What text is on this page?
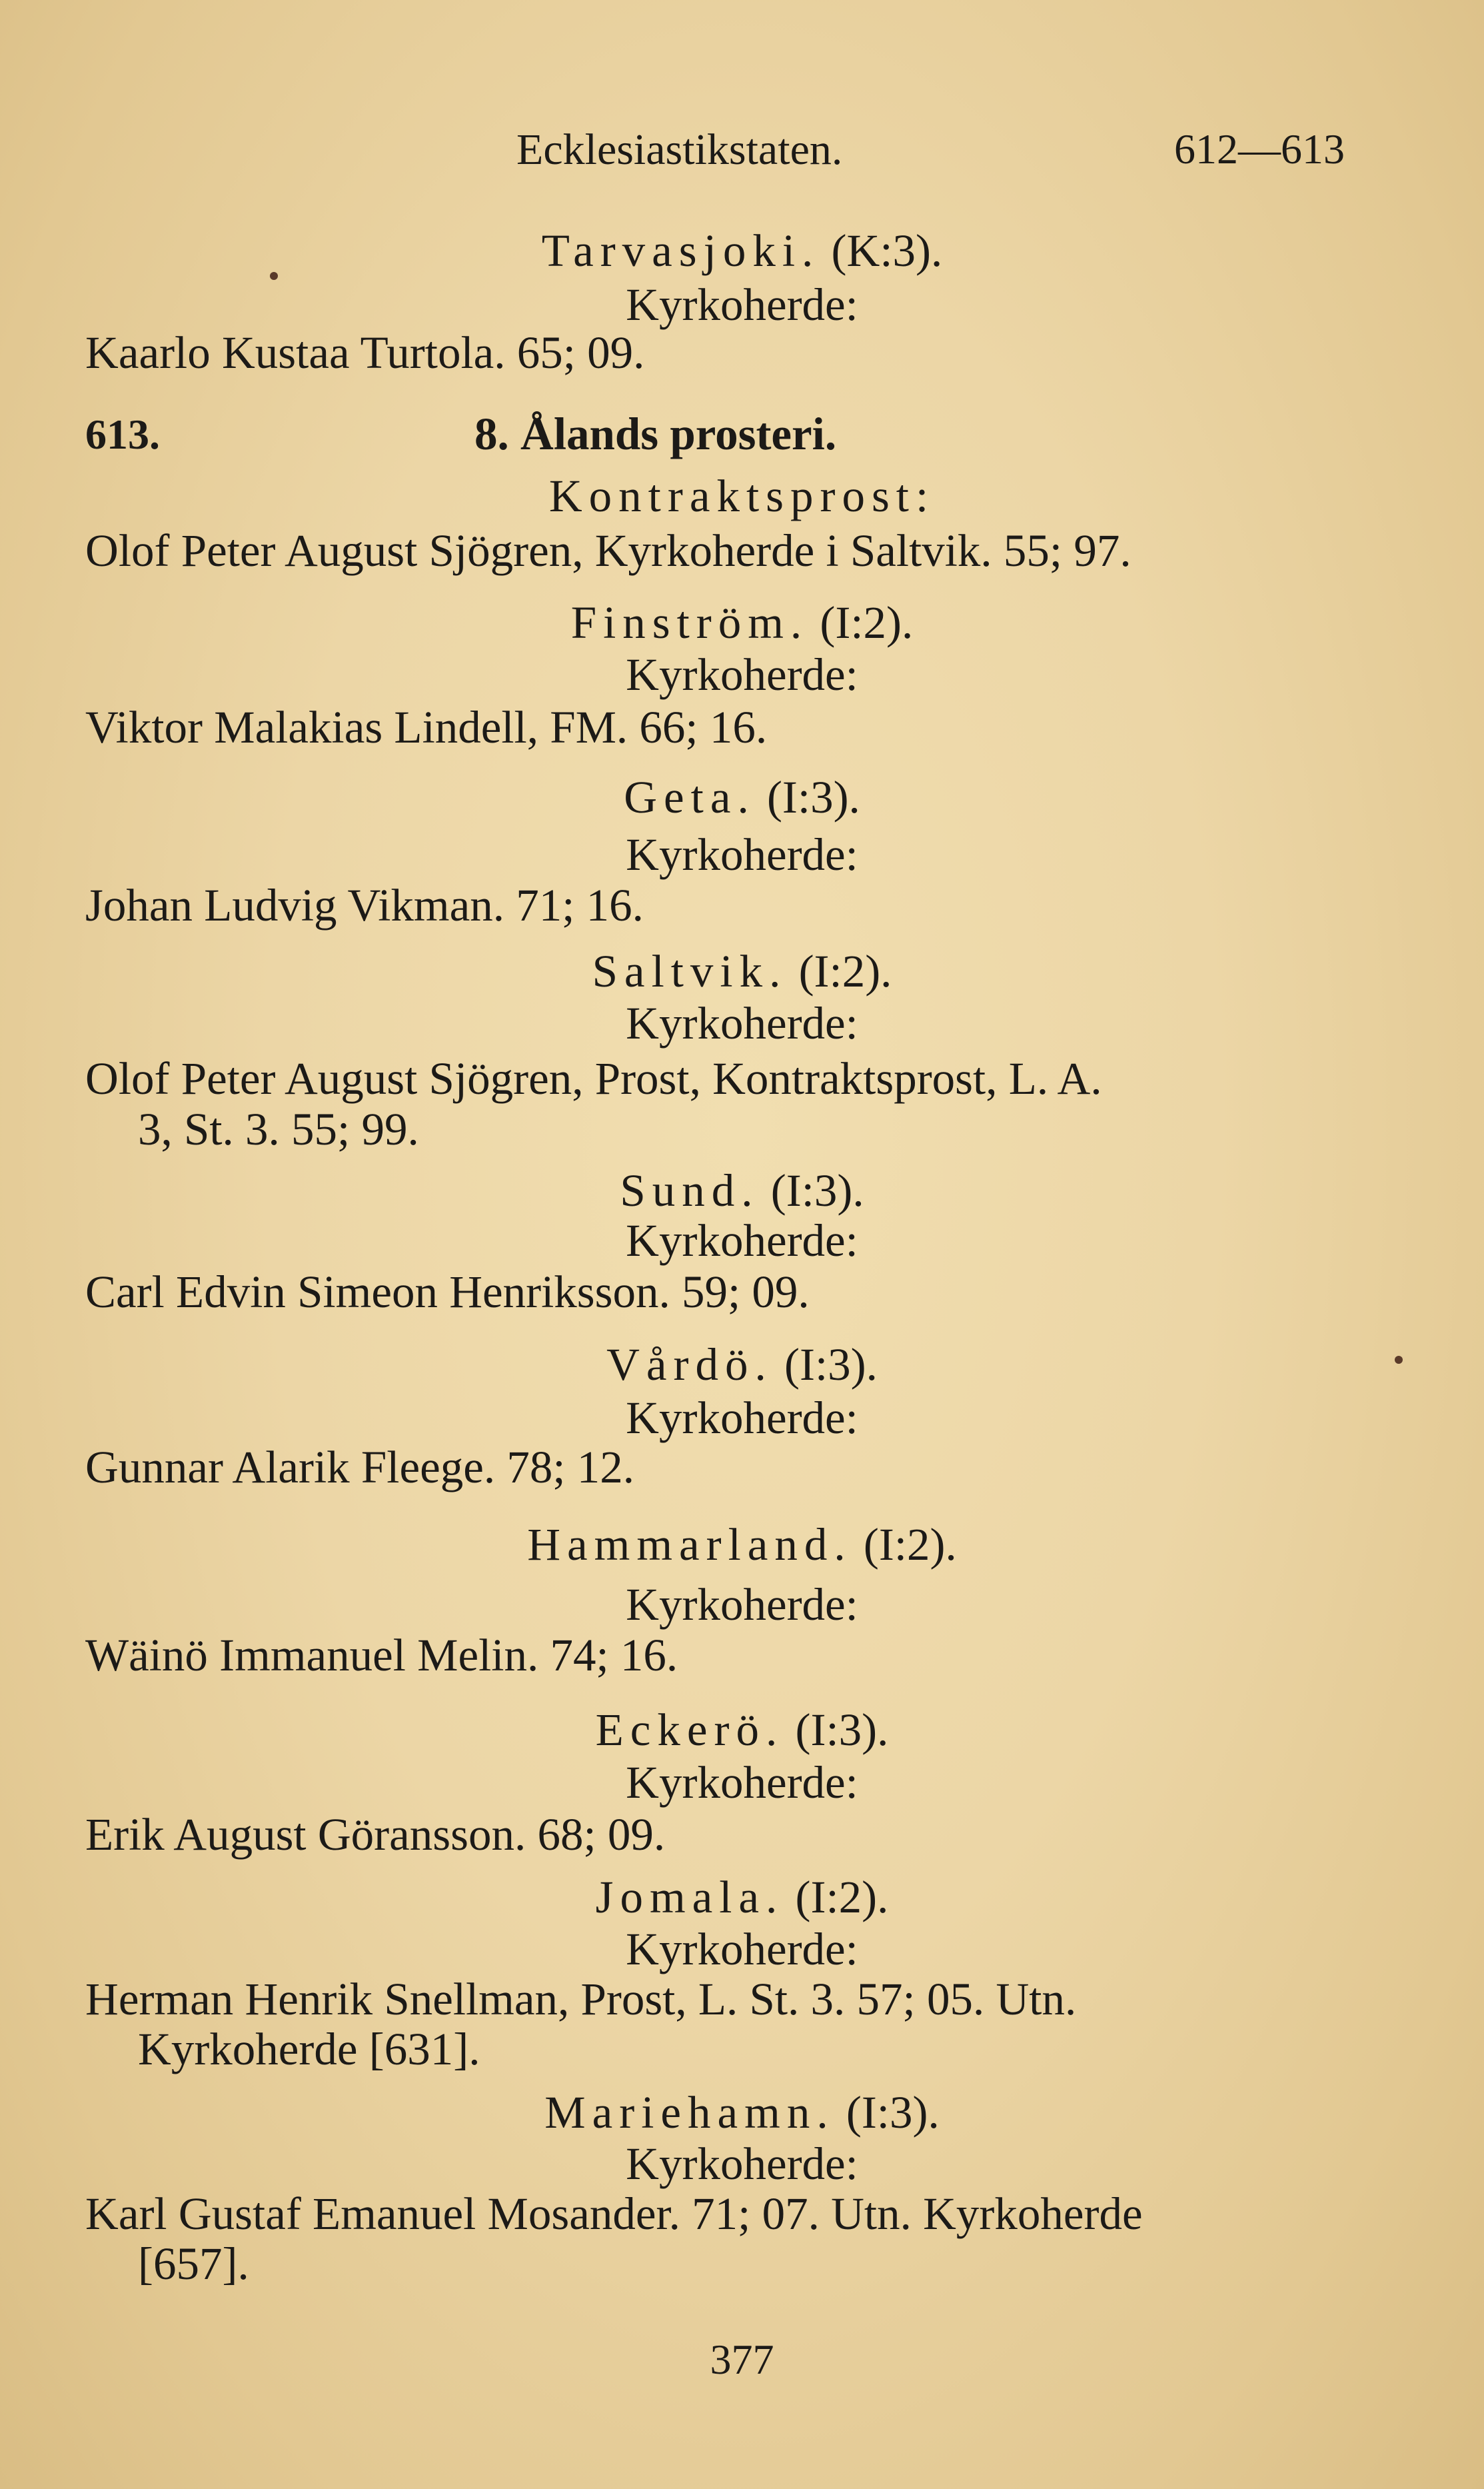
Ecklesiastikstaten.	612—613
Tarvasjoki. (K:3).
Kyrkoherde:
Kaarlo Kustaa Turtola. 65; 09.
613.	8. Ålands prosteri.
Kontraktsprost:
Olof Peter August Sjögren, Kyrkoherde i Saltvik. 55; 97.
Finström. (I:2).
Kyrkoherde:
Viktor Malakias Lindell, FM. 66; 16.
Geta. (I:3).
Kyrkoherde:
Johan Ludvig Vikman. 71; 16.
Saltvik. (I:2).
Kyrkoherde:
Olof Peter August Sjögren, Prost, Kontraktsprost, L. A.
3, St. 3. 55; 99.
Sund. (I:3).
Kyrkoherde:
Carl Edvin Simeon Henriksson. 59; 09.
Vårdö. (I:3).
Kyrkoherde:
Gunnar Alarik Fleege. 78; 12.
Hammarland. (I:2).
Kyrkoherde:
Wäinö Immanuel Melin. 74; 16.
Eckerö. (I:3).
Kyrkoherde:
Erik August Göransson. 68; 09.
Jomala. (I:2).
Kyrkoherde:
Herman Henrik Snellman, Prost, L. St. 3. 57; 05. Utn.
Kyrkoherde [631].
Mariehamn. (I:3).
Kyrkoherde:
Karl Gustaf Emanuel Mosander. 71; 07. Utn. Kyrkoherde
[657].
377
